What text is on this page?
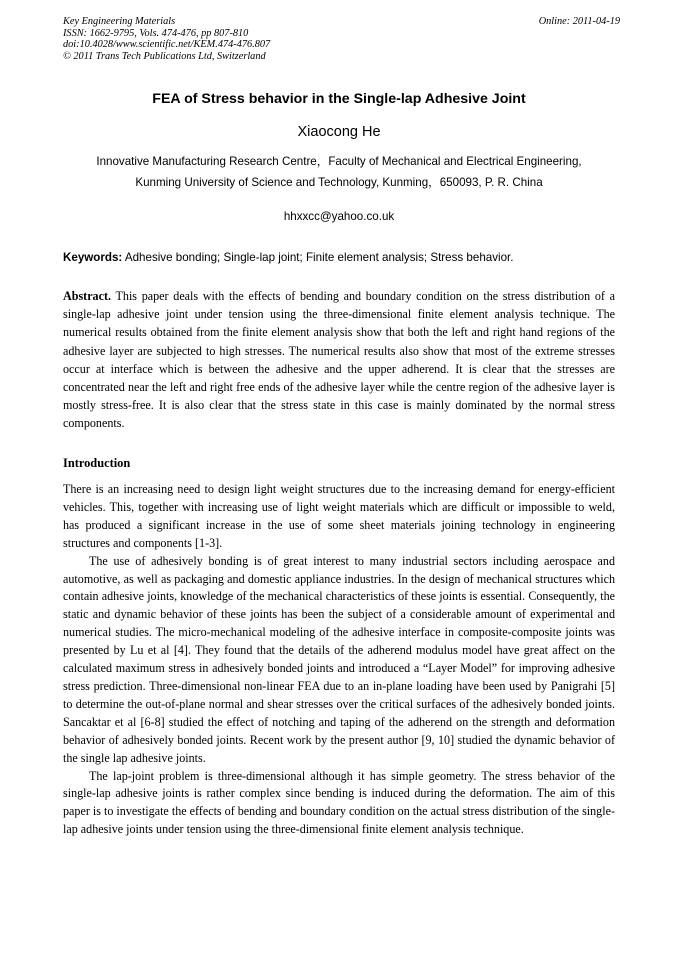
Key Engineering Materials
ISSN: 1662-9795, Vols. 474-476, pp 807-810
doi:10.4028/www.scientific.net/KEM.474-476.807
© 2011 Trans Tech Publications Ltd, Switzerland
Online: 2011-04-19
FEA of Stress behavior in the Single-lap Adhesive Joint
Xiaocong He
Innovative Manufacturing Research Centre，Faculty of Mechanical and Electrical Engineering,
Kunming University of Science and Technology, Kunming，650093, P. R. China
hhxxcc@yahoo.co.uk
Keywords: Adhesive bonding; Single-lap joint; Finite element analysis; Stress behavior.
Abstract. This paper deals with the effects of bending and boundary condition on the stress distribution of a single-lap adhesive joint under tension using the three-dimensional finite element analysis technique. The numerical results obtained from the finite element analysis show that both the left and right hand regions of the adhesive layer are subjected to high stresses. The numerical results also show that most of the extreme stresses occur at interface which is between the adhesive and the upper adherend. It is clear that the stresses are concentrated near the left and right free ends of the adhesive layer while the centre region of the adhesive layer is mostly stress-free. It is also clear that the stress state in this case is mainly dominated by the normal stress components.
Introduction

There is an increasing need to design light weight structures due to the increasing demand for energy-efficient vehicles. This, together with increasing use of light weight materials which are difficult or impossible to weld, has produced a significant increase in the use of some sheet materials joining technology in engineering structures and components [1-3].

The use of adhesively bonding is of great interest to many industrial sectors including aerospace and automotive, as well as packaging and domestic appliance industries. In the design of mechanical structures which contain adhesive joints, knowledge of the mechanical characteristics of these joints is essential. Consequently, the static and dynamic behavior of these joints has been the subject of a considerable amount of experimental and numerical studies. The micro-mechanical modeling of the adhesive interface in composite-composite joints was presented by Lu et al [4]. They found that the details of the adherend modulus model have great affect on the calculated maximum stress in adhesively bonded joints and introduced a “Layer Model” for improving adhesive stress prediction. Three-dimensional non-linear FEA due to an in-plane loading have been used by Panigrahi [5] to determine the out-of-plane normal and shear stresses over the critical surfaces of the adhesively bonded joints. Sancaktar et al [6-8] studied the effect of notching and taping of the adherend on the strength and deformation behavior of adhesively bonded joints. Recent work by the present author [9, 10] studied the dynamic behavior of the single lap adhesive joints.

The lap-joint problem is three-dimensional although it has simple geometry. The stress behavior of the single-lap adhesive joints is rather complex since bending is induced during the deformation. The aim of this paper is to investigate the effects of bending and boundary condition on the actual stress distribution of the single-lap adhesive joints under tension using the three-dimensional finite element analysis technique.
